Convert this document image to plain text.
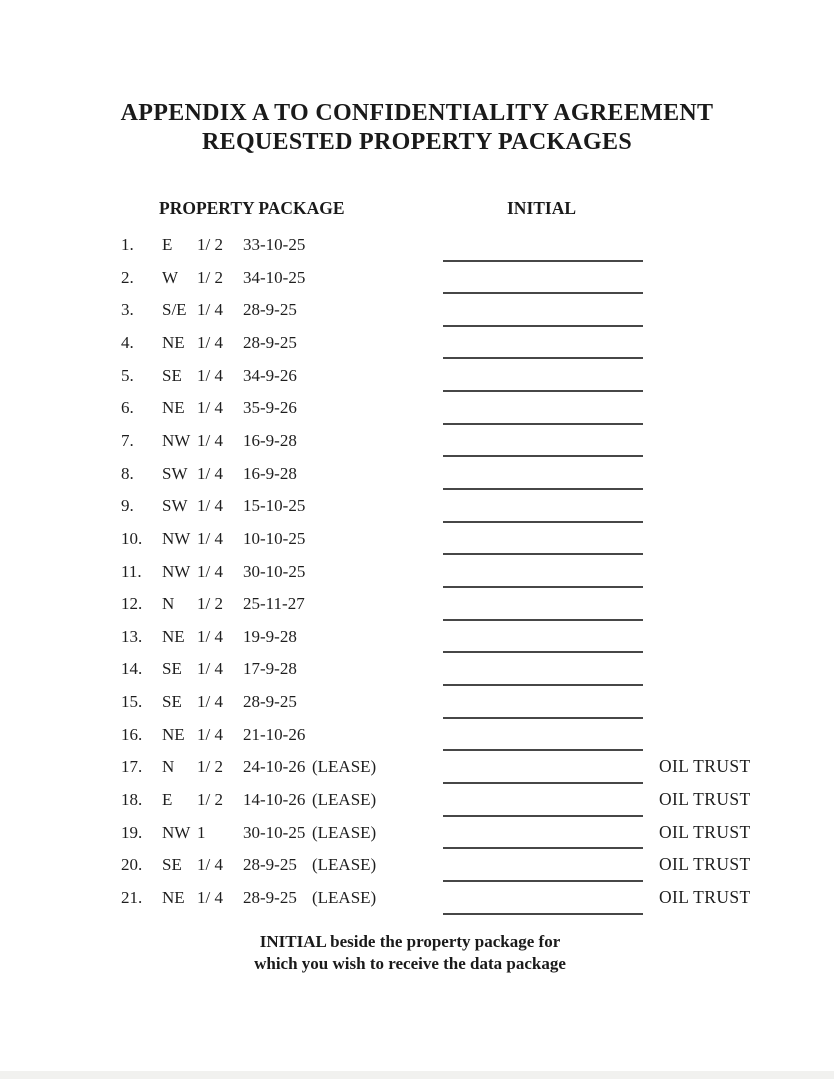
APPENDIX A TO CONFIDENTIALITY AGREEMENT
REQUESTED PROPERTY PACKAGES
PROPERTY PACKAGE	INITIAL
1. E 1/ 2 33-10-25
2. W 1/ 2 34-10-25
3. S/E 1/ 4 28-9-25
4. NE 1/ 4 28-9-25
5. SE 1/ 4 34-9-26
6. NE 1/ 4 35-9-26
7. NW 1/ 4 16-9-28
8. SW 1/ 4 16-9-28
9. SW 1/ 4 15-10-25
10. NW 1/ 4 10-10-25
11. NW 1/ 4 30-10-25
12. N 1/ 2 25-11-27
13. NE 1/ 4 19-9-28
14. SE 1/ 4 17-9-28
15. SE 1/ 4 28-9-25
16. NE 1/ 4 21-10-26
17. N 1/ 2 24-10-26 (LEASE)	OIL TRUST
18. E 1/ 2 14-10-26 (LEASE)	OIL TRUST
19. NW 1 30-10-25 (LEASE)	OIL TRUST
20. SE 1/ 4 28-9-25 (LEASE)	OIL TRUST
21. NE 1/ 4 28-9-25 (LEASE)	OIL TRUST
INITIAL beside the property package for
which you wish to receive the data package
